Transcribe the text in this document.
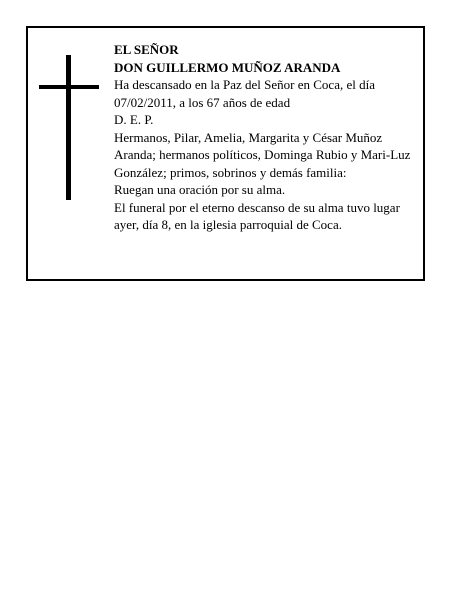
EL SEÑOR

DON GUILLERMO MUÑOZ ARANDA

Ha descansado en la Paz del Señor en Coca, el día 07/02/2011, a los 67 años de edad

D. E. P.

Hermanos, Pilar, Amelia, Margarita y César Muñoz Aranda; hermanos políticos, Dominga Rubio y Mari-Luz González; primos, sobrinos y demás familia:

Ruegan una oración por su alma.

El funeral por el eterno descanso de su alma tuvo lugar ayer, día 8, en la iglesia parroquial de Coca.
